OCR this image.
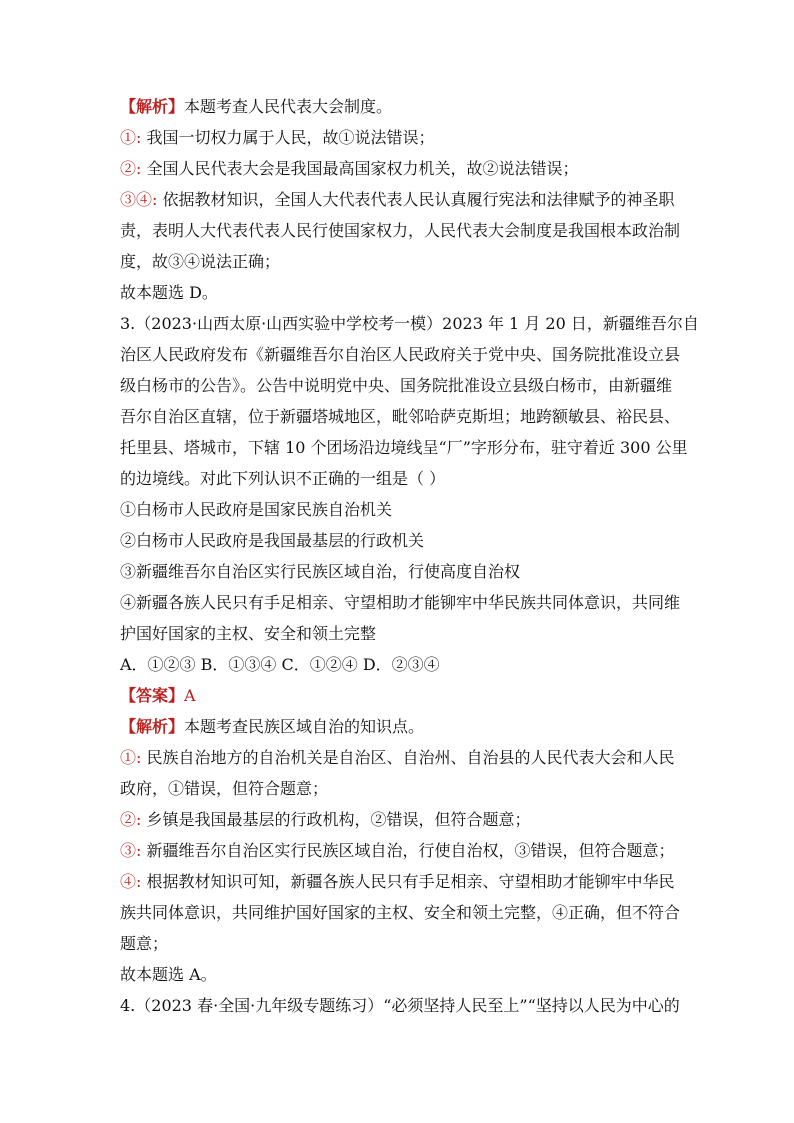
【解析】本题考查人民代表大会制度。
①: 我国一切权力属于人民，故①说法错误；
②: 全国人民代表大会是我国最高国家权力机关，故②说法错误；
③④: 依据教材知识，全国人大代表代表人民认真履行宪法和法律赋予的神圣职
责，表明人大代表代表人民行使国家权力，人民代表大会制度是我国根本政治制
度，故③④说法正确；
故本题选 D。
3.（2023·山西太原·山西实验中学校考一模）2023 年 1 月 20 日，新疆维吾尔自
治区人民政府发布《新疆维吾尔自治区人民政府关于党中央、国务院批准设立县
级白杨市的公告》。公告中说明党中央、国务院批准设立县级白杨市，由新疆维
吾尔自治区直辖，位于新疆塔城地区，毗邻哈萨克斯坦；地跨额敏县、裕民县、
托里县、塔城市，下辖 10 个团场沿边境线呈“厂”字形分布，驻守着近 300 公里
的边境线。对此下列认识不正确的一组是（ ）
①白杨市人民政府是国家民族自治机关
②白杨市人民政府是我国最基层的行政机关
③新疆维吾尔自治区实行民族区域自治，行使高度自治权
④新疆各族人民只有手足相亲、守望相助才能铆牢中华民族共同体意识，共同维
护国好国家的主权、安全和领土完整
A．①②③ B．①③④ C．①②④ D．②③④
【答案】A
【解析】本题考查民族区域自治的知识点。
①: 民族自治地方的自治机关是自治区、自治州、自治县的人民代表大会和人民
政府，①错误，但符合题意；
②: 乡镇是我国最基层的行政机构，②错误，但符合题意；
③: 新疆维吾尔自治区实行民族区域自治，行使自治权，③错误，但符合题意；
④: 根据教材知识可知，新疆各族人民只有手足相亲、守望相助才能铆牢中华民
族共同体意识，共同维护国好国家的主权、安全和领土完整，④正确，但不符合
题意；
故本题选 A。
4.（2023 春·全国·九年级专题练习）“必须坚持人民至上”“坚持以人民为中心的
